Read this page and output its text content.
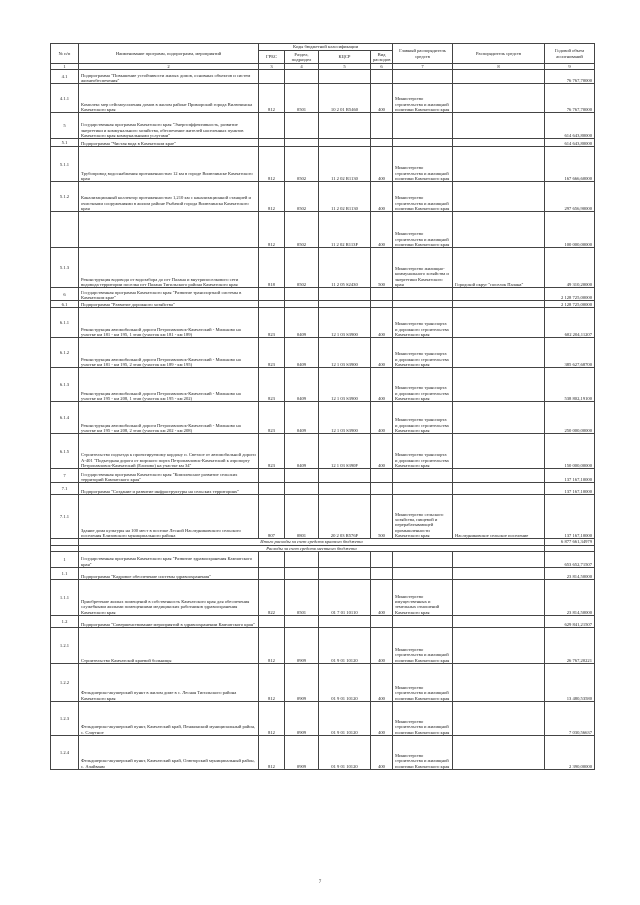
№ п/п	Наименование программ, подпрограмм, мероприятий	Коды бюджетной классификации				Главный распорядитель средств	Распорядитель средств	Годовой объем ассигнований
		ГРБС	Раздел, подраздел	КЦСР	Вид расходов			
1	2	3	4	5	6	7	8	9
4.1	Подпрограмма "Повышение устойчивости жилых домов, основных объектов и систем жизнеобеспечения"							76 767,70000
4.1.1	Комплекс мер сейсмоусиления домов в жилом районе Приморский города Вилючинска Камчатского края	812	0501	10 2 01 R5460	400	Министерство строительства и жилищной политики Камчатского края		76 767,70000
5	Государственная программа Камчатского края "Энергоэффективность, развитие энергетики и коммунального хозяйства, обеспечение жителей населенных пунктов Камчатского края коммунальными услугами"							614 643,80000
5.1	Подпрограмма "Чистая вода в Камчатском крае"							614 643,80000
5.1.1	Трубопровод водоснабжения протяженностью 12 км в городе Вилючинске Камчатского края	812	0502	11 2 02 R1130	400	Министерство строительства и жилищной политики Камчатского края		167 666,60000
5.1.2	Канализационный коллектор протяженностью 1,210 км с канализационной станцией и очистными сооружениями в жилом районе Рыбачий города Вилючинска Камчатского края	812	0502	11 2 02 R1130	400	Министерство строительства и жилищной политики Камчатского края		297 656,90000
		812	0502	11 2 02 R113F	400	Министерство строительства и жилищной политики Камчатского края		100 000,00000
5.1.3	Реконструкция водовода от водозабора до пгт Палана и внутрипоселкового сети водовода территории поселка пгт Палана Тигильского района Камчатского края	818	0502	11 2 05 S2430	500	Министерство жилищно-коммунального хозяйства и энергетики Камчатского края	Городской округ "поселок Палана"	49 310,20000
6	Государственная программа Камчатского края "Развитие транспортной системы в Камчатском крае"							2 128 725,00000
6.1	Подпрограмма "Развитие дорожного хозяйства"							2 128 725,00000
6.1.1	Реконструкция автомобильной дороги Петропавловск-Камчатский - Мильково на участке км 181 - км 195, 1 этап (участок км 181 - км 189)	823	0409	12 1 03 S3900	400	Министерство транспорта и дорожного строительства Камчатского края		602 204,11207
6.1.2	Реконструкция автомобильной дороги Петропавловск-Камчатский - Мильково на участке км 181 - км 195, 2 этап (участок км 189 - км 195)	823	0409	12 1 03 S3900	400	Министерство транспорта и дорожного строительства Камчатского края		385 627,68700
6.1.3	Реконструкция автомобильной дороги Петропавловск-Камчатский - Мильково на участке км 195 - км 208, 1 этап (участок км 195 - км 202)	823	0409	12 1 03 S3900	400	Министерство транспорта и дорожного строительства Камчатского края		538 802,19100
6.1.4	Реконструкция автомобильной дороги Петропавловск-Камчатский - Мильково на участке км 195 - км 208, 2 этап (участок км 202 - км 208)	823	0409	12 1 03 S3900	400	Министерство транспорта и дорожного строительства Камчатского края		250 000,00000
6.1.5	Строительство подъезда к проектируемому кордону п. Светлое от автомобильной дороги А-401 "Подъездная дорога от морского порта Петропавловск-Камчатский к аэропорту Петропавловск-Камчатский (Елизово) на участке км 34"	823	0409	12 1 03 S390F	400	Министерство транспорта и дорожного строительства Камчатского края		150 000,00000
7	Государственная программа Камчатского края "Комплексное развитие сельских территорий Камчатского края"							137 167,10000
7.1	Подпрограмма "Создание и развитие инфраструктуры на сельских территориях"							137 167,10000
7.1.1	Здание дома культуры на 100 мест в поселке Лесной Наследниковского сельского поселения Елизовского муниципального района	807	0801	20 2 03 R576F	500	Министерство сельского хозяйства, пищевой и перерабатывающей промышленности Камчатского края	Наследниковское сельское поселение	137 167,10000
	Итого расходы за счет средств краевого бюджета							6 877 661,34979
	Расходы за счет средств местного бюджета							
1	Государственная программа Камчатского края "Развитие здравоохранения Камчатского края"							653 652,71507
1.1	Подпрограмма "Кадровое обеспечение системы здравоохранения"							23 814,50000
1.1.1	Приобретение жилых помещений в собственность Камчатского края для обеспечения служебными жилыми помещениями медицинских работников здравоохранения Камчатского края	822	0501	01 7 01 10110	400	Министерство имущественных и земельных отношений Камчатского края		23 814,50000
1.2	Подпрограмма "Совершенствование мероприятий в здравоохранении Камчатского края"							629 841,21507
1.2.1	Строительство Камчатской краевой больницы	812	0909	01 9 01 10120	400	Министерство строительства и жилищной политики Камчатского края		26 767,20221
1.2.2	Фельдшерско-акушерский пункт в жилом доме в с. Лесная Тигильского района Камчатского края	812	0909	01 9 01 10120	400	Министерство строительства и жилищной политики Камчатского края		13 480,53580
1.2.3	Фельдшерско-акушерский пункт, Камчатский край, Пенжинский муниципальный район, с. Слаутное	812	0909	01 9 01 10120	400	Министерство строительства и жилищной политики Камчатского края		7 030,56637
1.2.4	Фельдшерско-акушерский пункт, Камчатский край, Олюторский муниципальный район, с. Ачайваям	812	0909	01 9 01 10120	400	Министерство строительства и жилищной политики Камчатского края		2 390,00000
7
